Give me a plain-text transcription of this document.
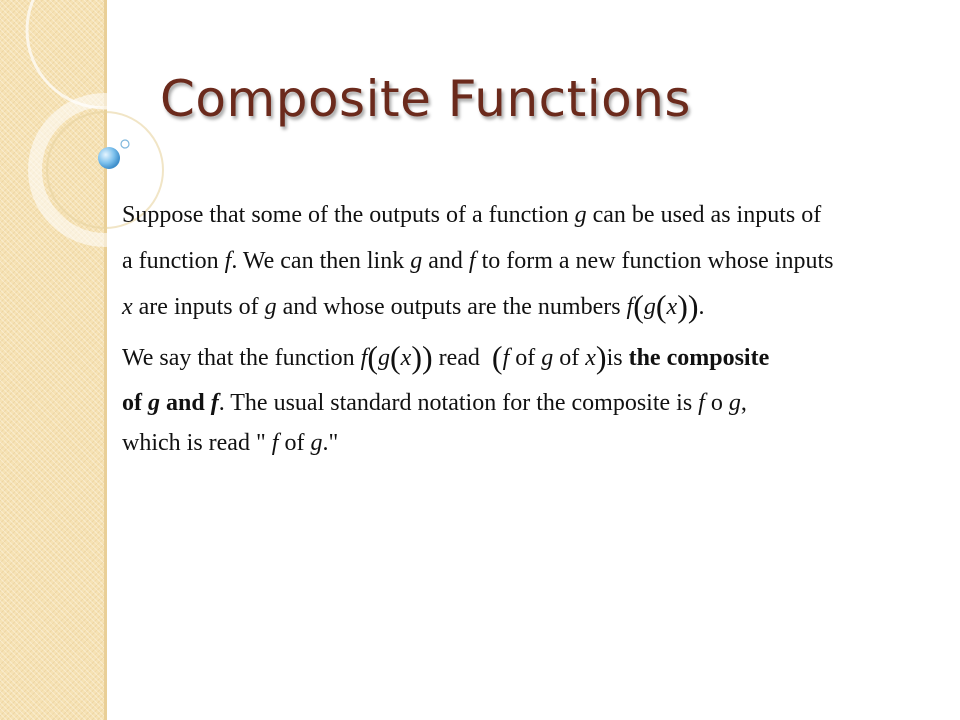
Composite Functions
Suppose that some of the outputs of a function g can be used as inputs of
a function f. We can then link g and f to form a new function whose inputs
x are inputs of g and whose outputs are the numbers f(g(x)).
We say that the function f(g(x)) read (f of g of x)is the composite
of g and f. The usual standard notation for the composite is f o g,
which is read " f of g."
